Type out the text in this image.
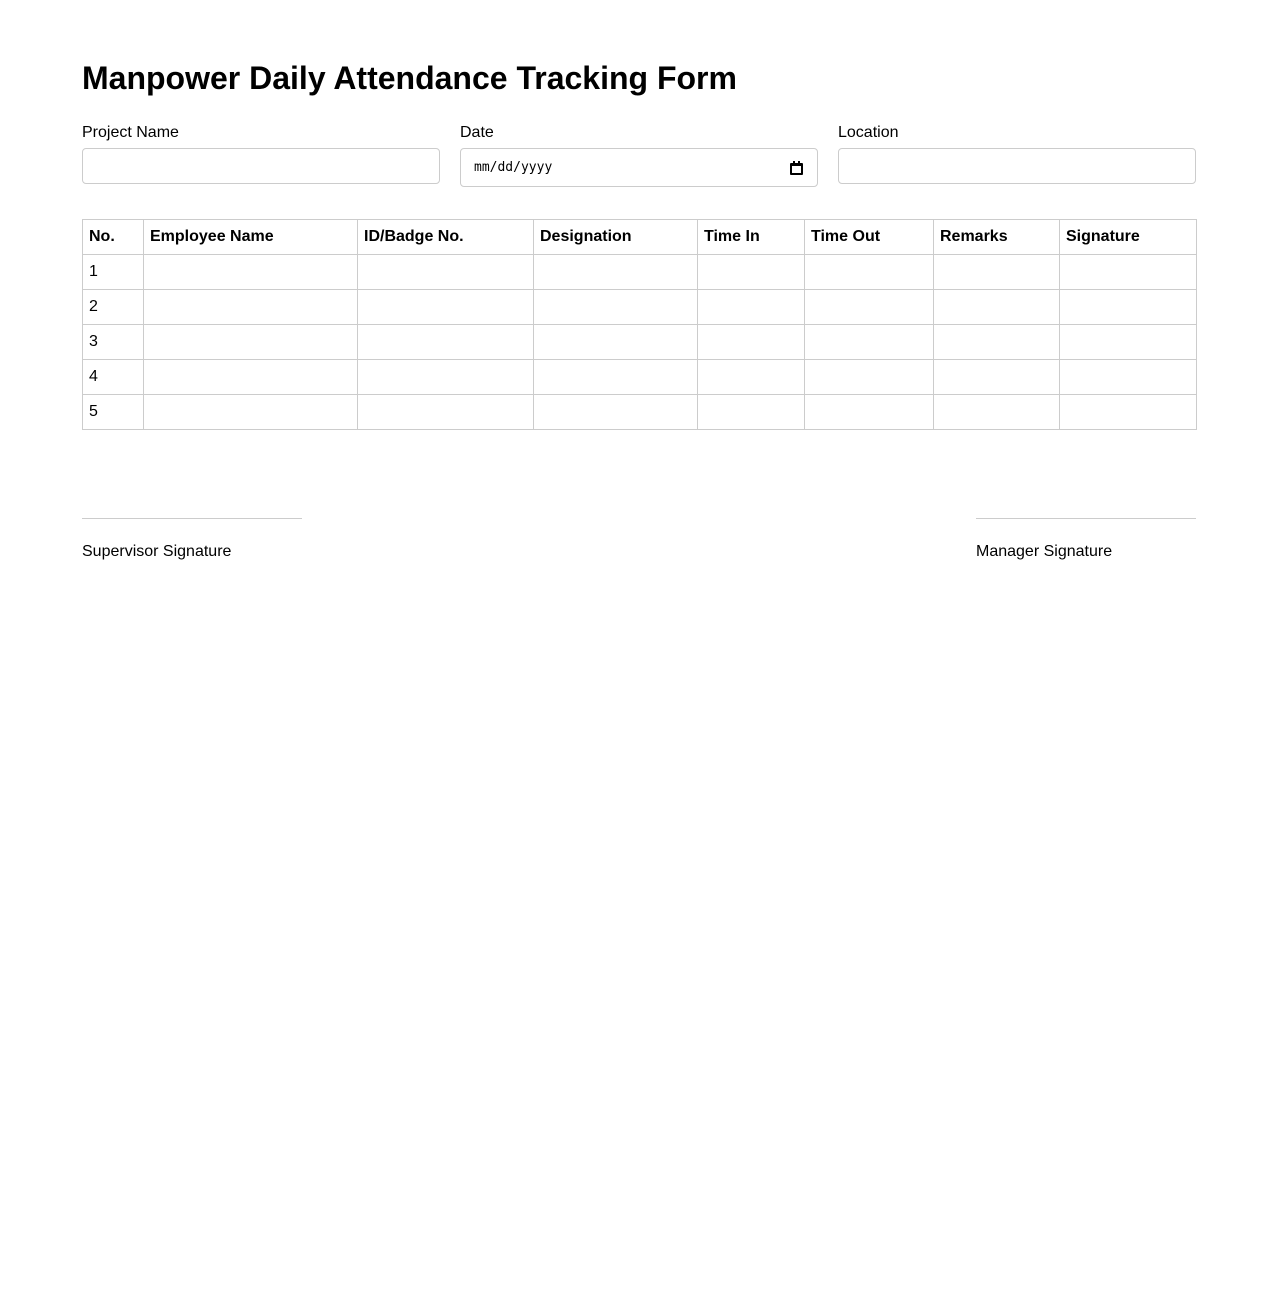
Manpower Daily Attendance Tracking Form
Project Name	Date
mm/dd/yyyy
Location
No.	Employee Name	ID/Badge No.	Designation	Time In	Time Out	Remarks	Signature
1							
2							
3							
4							
5							
Supervisor Signature	Manager Signature
